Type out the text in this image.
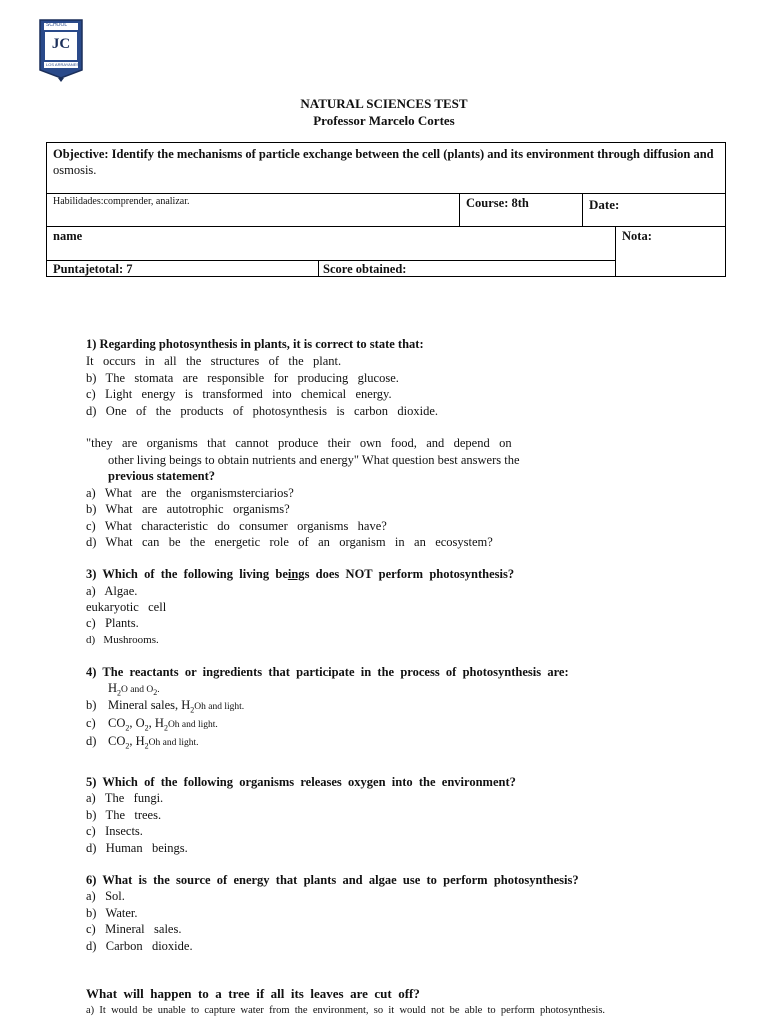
SCHOOL
JC
LOS ARRAYANES
NATURAL SCIENCES TEST
Professor Marcelo Cortes
Objective: Identify the mechanisms of particle exchange between the cell (plants) and its environment through diffusion and
osmosis.
Habilidades:comprender, analizar.	Course: 8th	Date:
name	Nota:
Puntajetotal: 7	Score obtained:
1) Regarding photosynthesis in plants, it is correct to state that:
It   occurs   in   all   the   structures   of   the   plant.
b)   The   stomata   are   responsible   for   producing   glucose.
c)   Light   energy   is   transformed   into   chemical   energy.
d)   One   of   the   products   of   photosynthesis   is   carbon   dioxide.
"they   are   organisms   that   cannot   produce   their   own   food,   and   depend   on
other living beings to obtain nutrients and energy" What question best answers the
previous statement?
a)   What   are   the   organismsterciarios?
b)   What   are   autotrophic   organisms?
c)   What   characteristic   do   consumer   organisms   have?
d)   What   can   be   the   energetic   role   of   an   organism   in   an   ecosystem?
3)  Which  of  the  following  living  beings  does  NOT  perform  photosynthesis?
a)   Algae.
eukaryotic   cell
c)   Plants.
d)   Mushrooms.
4)  The  reactants  or  ingredients  that  participate  in  the  process  of  photosynthesis  are:
$H_2O$ and $O_2$.
b) Mineral sales, $H_2Oh$ and light.
c) $CO_2$, $O_2$, $H_2Oh$ and light.
d) $CO_2$, $H_2Oh$ and light.
5)  Which  of  the  following  organisms  releases  oxygen  into  the  environment?
a)   The   fungi.
b)   The   trees.
c)   Insects.
d)   Human   beings.
6)  What  is  the  source  of  energy  that  plants  and  algae  use  to  perform  photosynthesis?
a)   Sol.
b)   Water.
c)   Mineral   sales.
d)   Carbon   dioxide.
What  will  happen  to  a  tree  if  all  its  leaves  are  cut  off?
a)  It  would  be  unable  to  capture  water  from  the  environment,  so  it  would  not  be  able  to  perform  photosynthesis.
